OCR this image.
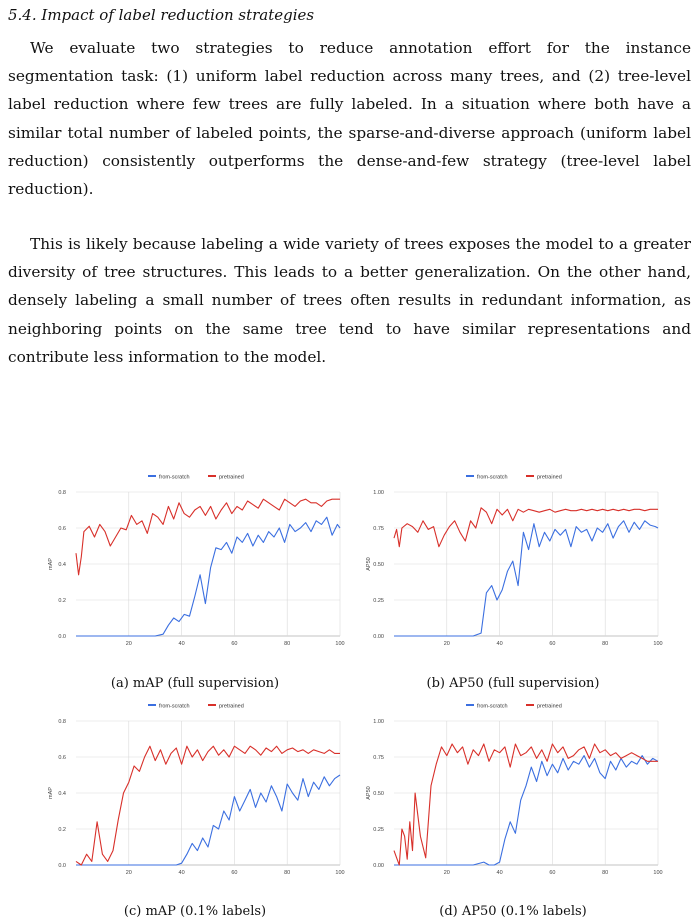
5.4. Impact of label reduction strategies

We evaluate two strategies to reduce annotation effort for the instance segmentation task: (1) uniform label reduction across many trees, and (2) tree-level label reduction where few trees are fully labeled. In a situation where both have a similar total number of labeled points, the sparse-and-diverse approach (uniform label reduction) consistently outperforms the dense-and-few strategy (tree-level label reduction).

This is likely because labeling a wide variety of trees exposes the model to a greater diversity of tree structures. This leads to a better generalization. On the other hand, densely labeling a small number of trees often results in redundant information, as neighboring points on the same tree tend to have similar representations and contribute less information to the model.

from-scratch	pretrained
0.0
0.2
0.4
0.6
0.8
20	40	60	80	100
mAP
(a) mAP (full supervision)
from-scratch	pretrained
0.00
0.25
0.50
0.75
1.00
20	40	60	80	100
AP50
(b) AP50 (full supervision)
from-scratch	pretrained
0.0
0.2
0.4
0.6
0.8
20	40	60	80	100
mAP
(c) mAP (0.1% labels)
from-scratch	pretrained
0.00
0.25
0.50
0.75
1.00
20	40	60	80	100
AP50
(d) AP50 (0.1% labels)
